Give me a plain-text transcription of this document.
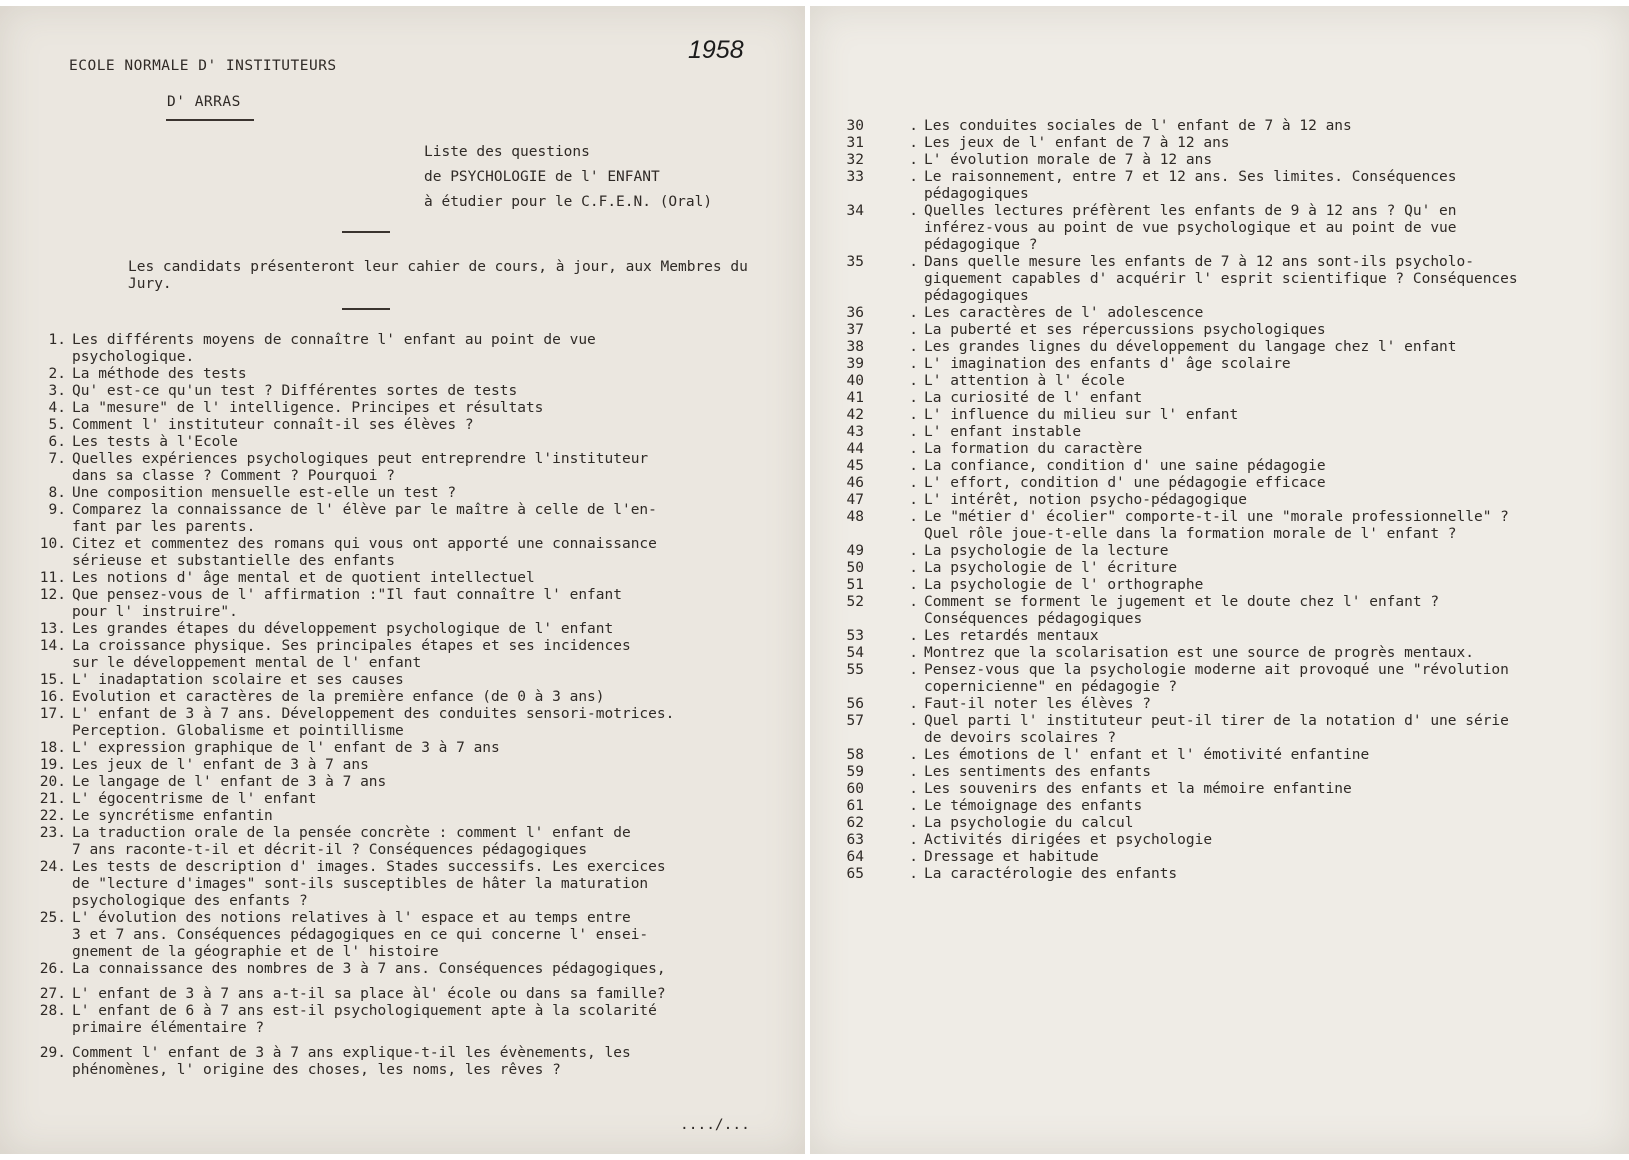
ECOLE NORMALE D' INSTITUTEURS
D' ARRAS
1958
Liste des questions
de PSYCHOLOGIE de l' ENFANT
à étudier pour le C.F.E.N. (Oral)
Les candidats présenteront leur cahier de cours, à jour, aux Membres du Jury.
1. Les différents moyens de connaître l' enfant au point de vue
psychologique.
2. La méthode des tests
3. Qu' est-ce qu'un test ? Différentes sortes de tests
4. La "mesure" de l' intelligence. Principes et résultats
5. Comment l' instituteur connaît-il ses élèves ?
6. Les tests à l'Ecole
7. Quelles expériences psychologiques peut entreprendre l'instituteur
dans sa classe ? Comment ? Pourquoi ?
8. Une composition mensuelle est-elle un test ?
9. Comparez la connaissance de l' élève par le maître à celle de l'en-
fant par les parents.
10. Citez et commentez des romans qui vous ont apporté une connaissance
sérieuse et substantielle des enfants
11. Les notions d' âge mental et de quotient intellectuel
12. Que pensez-vous de l' affirmation :"Il faut connaître l' enfant
pour l' instruire".
13. Les grandes étapes du développement psychologique de l' enfant
14. La croissance physique. Ses principales étapes et ses incidences
sur le développement mental de l' enfant
15. L' inadaptation scolaire et ses causes
16. Evolution et caractères de la première enfance (de 0 à 3 ans)
17. L' enfant de 3 à 7 ans. Développement des conduites sensori-motrices.
Perception. Globalisme et pointillisme
18. L' expression graphique de l' enfant de 3 à 7 ans
19. Les jeux de l' enfant de 3 à 7 ans
20. Le langage de l' enfant de 3 à 7 ans
21. L' égocentrisme de l' enfant
22. Le syncrétisme enfantin
23. La traduction orale de la pensée concrète : comment l' enfant de
7 ans raconte-t-il et décrit-il ? Conséquences pédagogiques
24. Les tests de description d' images. Stades successifs. Les exercices
de "lecture d'images" sont-ils susceptibles de hâter la maturation
psychologique des enfants ?
25. L' évolution des notions relatives à l' espace et au temps entre
3 et 7 ans. Conséquences pédagogiques en ce qui concerne l' ensei-
gnement de la géographie et de l' histoire
26. La connaissance des nombres de 3 à 7 ans. Conséquences pédagogiques,
27. L' enfant de 3 à 7 ans a-t-il sa place àl' école ou dans sa famille?
28. L' enfant de 6 à 7 ans est-il psychologiquement apte à la scolarité
primaire élémentaire ?
29. Comment l' enfant de 3 à 7 ans explique-t-il les évènements, les
phénomènes, l' origine des choses, les noms, les rêves ?
..../...
30	. Les conduites sociales de l' enfant de 7 à 12 ans
31	. Les jeux de l' enfant de 7 à 12 ans
32	. L' évolution morale de 7 à 12 ans
33	. Le raisonnement, entre 7 et 12 ans. Ses limites. Conséquences
pédagogiques
34	. Quelles lectures préfèrent les enfants de 9 à 12 ans ? Qu' en
inférez-vous au point de vue psychologique et au point de vue
pédagogique ?
35	. Dans quelle mesure les enfants de 7 à 12 ans sont-ils psycholo-
giquement capables d' acquérir l' esprit scientifique ? Conséquences
pédagogiques
36	. Les caractères de l' adolescence
37	. La puberté et ses répercussions psychologiques
38	. Les grandes lignes du développement du langage chez l' enfant
39	. L' imagination des enfants d' âge scolaire
40	. L' attention à l' école
41	. La curiosité de l' enfant
42	. L' influence du milieu sur l' enfant
43	. L' enfant instable
44	. La formation du caractère
45	. La confiance, condition d' une saine pédagogie
46	. L' effort, condition d' une pédagogie efficace
47	. L' intérêt, notion psycho-pédagogique
48	. Le "métier d' écolier" comporte-t-il une "morale professionnelle" ?
Quel rôle joue-t-elle dans la formation morale de l' enfant ?
49	. La psychologie de la lecture
50	. La psychologie de l' écriture
51	. La psychologie de l' orthographe
52	. Comment se forment le jugement et le doute chez l' enfant ?
Conséquences pédagogiques
53	. Les retardés mentaux
54	. Montrez que la scolarisation est une source de progrès mentaux.
55	. Pensez-vous que la psychologie moderne ait provoqué une "révolution
copernicienne" en pédagogie ?
56	. Faut-il noter les élèves ?
57	. Quel parti l' instituteur peut-il tirer de la notation d' une série
de devoirs scolaires ?
58	. Les émotions de l' enfant et l' émotivité enfantine
59	. Les sentiments des enfants
60	. Les souvenirs des enfants et la mémoire enfantine
61	. Le témoignage des enfants
62	. La psychologie du calcul
63	. Activités dirigées et psychologie
64	. Dressage et habitude
65	. La caractérologie des enfants
